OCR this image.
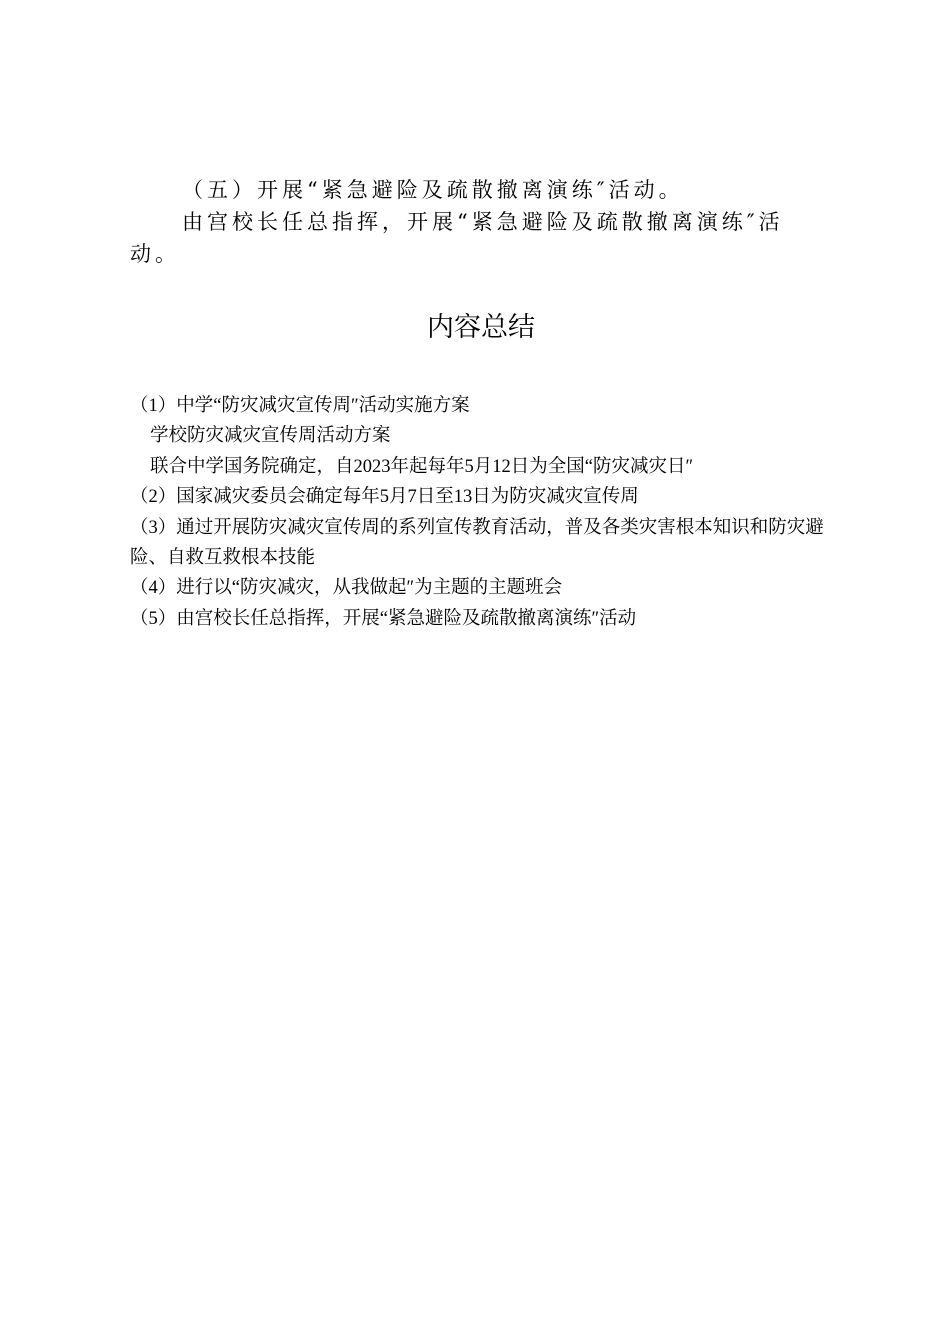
（五）开展“紧急避险及疏散撤离演练″活动。

由宫校长任总指挥，开展“紧急避险及疏散撤离演练″活动。

内容总结

（1）中学“防灾减灾宣传周″活动实施方案

学校防灾减灾宣传周活动方案

联合中学国务院确定，自2023年起每年5月12日为全国“防灾减灾日″

（2）国家减灾委员会确定每年5月7日至13日为防灾减灾宣传周

（3）通过开展防灾减灾宣传周的系列宣传教育活动，普及各类灾害根本知识和防灾避险、自救互救根本技能

（4）进行以“防灾减灾，从我做起″为主题的主题班会

（5）由宫校长任总指挥，开展“紧急避险及疏散撤离演练″活动
